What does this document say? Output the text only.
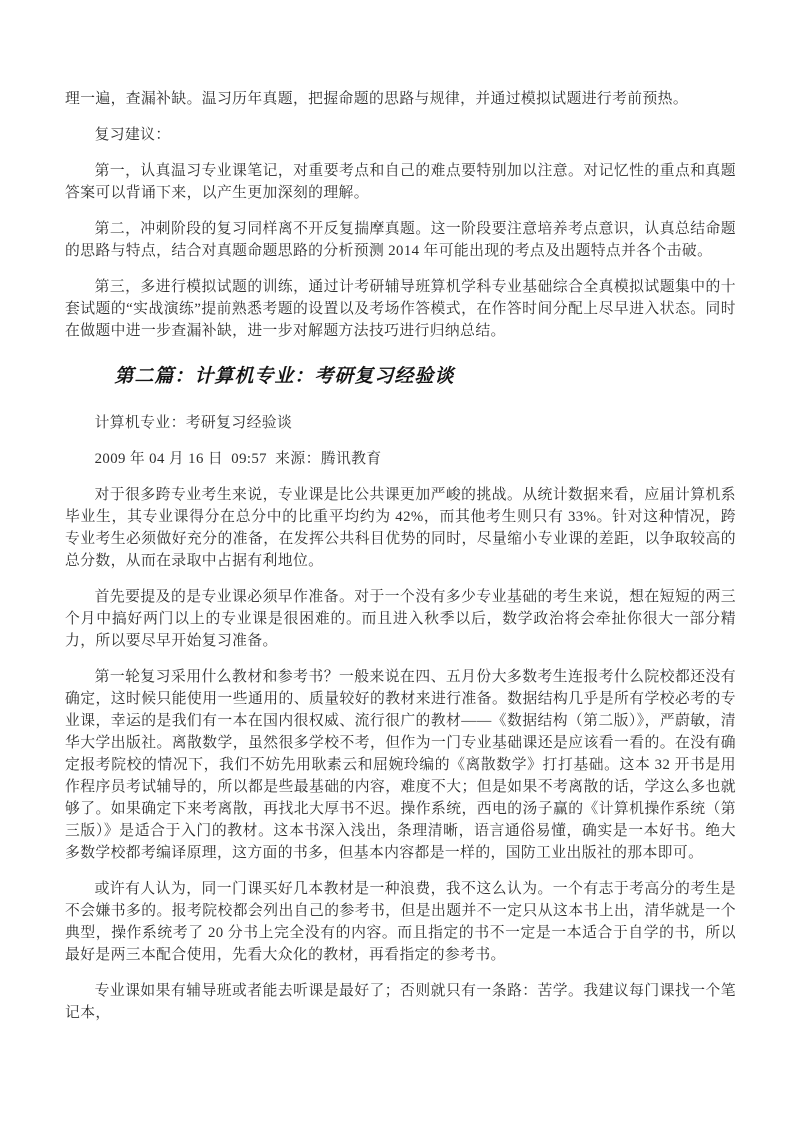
理一遍，查漏补缺。温习历年真题，把握命题的思路与规律，并通过模拟试题进行考前预热。

复习建议：

第一，认真温习专业课笔记，对重要考点和自己的难点要特别加以注意。对记忆性的重点和真题答案可以背诵下来，以产生更加深刻的理解。

第二，冲刺阶段的复习同样离不开反复揣摩真题。这一阶段要注意培养考点意识，认真总结命题的思路与特点，结合对真题命题思路的分析预测 2014 年可能出现的考点及出题特点并各个击破。

第三，多进行模拟试题的训练，通过计考研辅导班算机学科专业基础综合全真模拟试题集中的十套试题的“实战演练”提前熟悉考题的设置以及考场作答模式，在作答时间分配上尽早进入状态。同时在做题中进一步查漏补缺，进一步对解题方法技巧进行归纳总结。

第二篇：计算机专业：考研复习经验谈

计算机专业：考研复习经验谈

2009 年 04 月 16 日  09:57  来源：腾讯教育

对于很多跨专业考生来说，专业课是比公共课更加严峻的挑战。从统计数据来看，应届计算机系毕业生，其专业课得分在总分中的比重平均约为 42%，而其他考生则只有 33%。针对这种情况，跨专业考生必须做好充分的准备，在发挥公共科目优势的同时，尽量缩小专业课的差距，以争取较高的总分数，从而在录取中占据有利地位。

首先要提及的是专业课必须早作准备。对于一个没有多少专业基础的考生来说，想在短短的两三个月中搞好两门以上的专业课是很困难的。而且进入秋季以后，数学政治将会牵扯你很大一部分精力，所以要尽早开始复习准备。

第一轮复习采用什么教材和参考书？一般来说在四、五月份大多数考生连报考什么院校都还没有确定，这时候只能使用一些通用的、质量较好的教材来进行准备。数据结构几乎是所有学校必考的专业课，幸运的是我们有一本在国内很权威、流行很广的教材——《数据结构（第二版）》，严蔚敏，清华大学出版社。离散数学，虽然很多学校不考，但作为一门专业基础课还是应该看一看的。在没有确定报考院校的情况下，我们不妨先用耿素云和屈婉玲编的《离散数学》打打基础。这本 32 开书是用作程序员考试辅导的，所以都是些最基础的内容，难度不大；但是如果不考离散的话，学这么多也就够了。如果确定下来考离散，再找北大厚书不迟。操作系统，西电的汤子赢的《计算机操作系统（第三版）》是适合于入门的教材。这本书深入浅出，条理清晰，语言通俗易懂，确实是一本好书。绝大多数学校都考编译原理，这方面的书多，但基本内容都是一样的，国防工业出版社的那本即可。

或许有人认为，同一门课买好几本教材是一种浪费，我不这么认为。一个有志于考高分的考生是不会嫌书多的。报考院校都会列出自己的参考书，但是出题并不一定只从这本书上出，清华就是一个典型，操作系统考了 20 分书上完全没有的内容。而且指定的书不一定是一本适合于自学的书，所以最好是两三本配合使用，先看大众化的教材，再看指定的参考书。

专业课如果有辅导班或者能去听课是最好了；否则就只有一条路：苦学。我建议每门课找一个笔记本，
